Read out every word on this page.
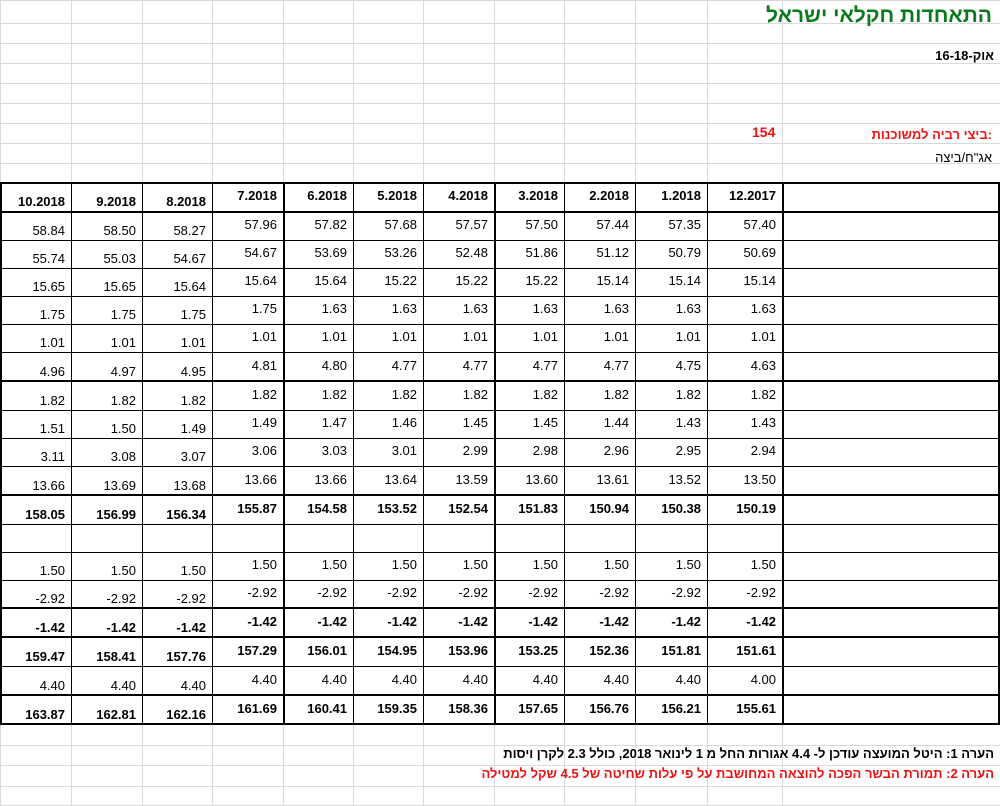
התאחדות חקלאי ישראל
16-אוק-18
ביצי רביה למשוכנות:
154
אג"ח/ביצה
12.2017
1.2018
2.2018
3.2018
4.2018
5.2018
6.2018
7.2018
8.2018
9.2018
10.2018
57.40
57.35
57.44
57.50
57.57
57.68
57.82
57.96
58.27
58.50
58.84
50.69
50.79
51.12
51.86
52.48
53.26
53.69
54.67
54.67
55.03
55.74
15.14
15.14
15.14
15.22
15.22
15.22
15.64
15.64
15.64
15.65
15.65
1.63
1.63
1.63
1.63
1.63
1.63
1.63
1.75
1.75
1.75
1.75
1.01
1.01
1.01
1.01
1.01
1.01
1.01
1.01
1.01
1.01
1.01
4.63
4.75
4.77
4.77
4.77
4.77
4.80
4.81
4.95
4.97
4.96
1.82
1.82
1.82
1.82
1.82
1.82
1.82
1.82
1.82
1.82
1.82
1.43
1.43
1.44
1.45
1.45
1.46
1.47
1.49
1.49
1.50
1.51
2.94
2.95
2.96
2.98
2.99
3.01
3.03
3.06
3.07
3.08
3.11
13.50
13.52
13.61
13.60
13.59
13.64
13.66
13.66
13.68
13.69
13.66
150.19
150.38
150.94
151.83
152.54
153.52
154.58
155.87
156.34
156.99
158.05
1.50
1.50
1.50
1.50
1.50
1.50
1.50
1.50
1.50
1.50
1.50
-2.92
-2.92
-2.92
-2.92
-2.92
-2.92
-2.92
-2.92
-2.92
-2.92
-2.92
-1.42
-1.42
-1.42
-1.42
-1.42
-1.42
-1.42
-1.42
-1.42
-1.42
-1.42
151.61
151.81
152.36
153.25
153.96
154.95
156.01
157.29
157.76
158.41
159.47
4.00
4.40
4.40
4.40
4.40
4.40
4.40
4.40
4.40
4.40
4.40
155.61
156.21
156.76
157.65
158.36
159.35
160.41
161.69
162.16
162.81
163.87
הערה 1: היטל המועצה עודכן ל- 4.4 אגורות החל מ 1 לינואר 2018, כולל 2.3 לקרן ויסות
הערה 2: תמורת הבשר הפכה להוצאה המחושבת על פי עלות שחיטה של 4.5 שקל למטילה
